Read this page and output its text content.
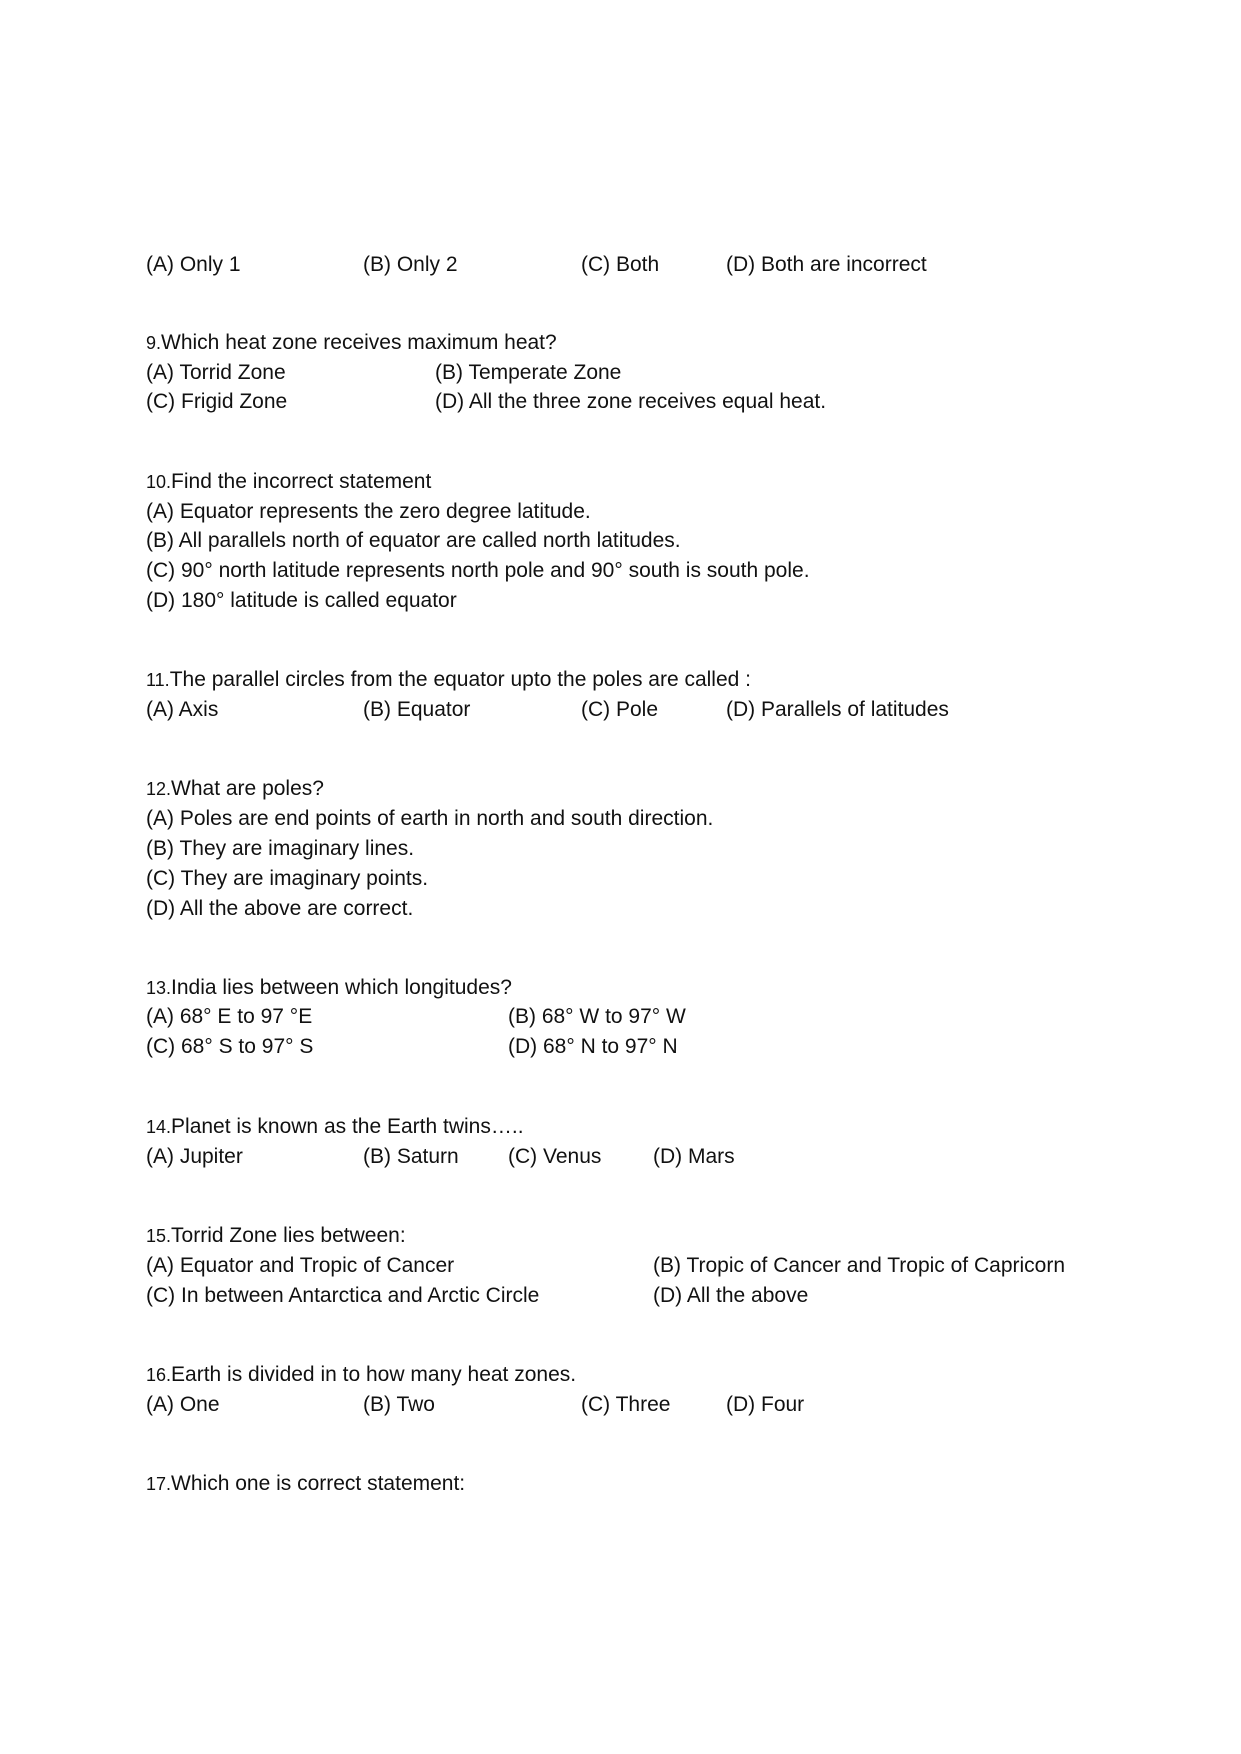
(A) Only 1	(B) Only 2	(C) Both	(D) Both are incorrect
9.Which heat zone receives maximum heat?
(A) Torrid Zone	(B) Temperate Zone
(C) Frigid Zone	(D) All the three zone receives equal heat.
10.Find the incorrect statement
(A) Equator represents the zero degree latitude.
(B) All parallels north of equator are called north latitudes.
(C) 90° north latitude represents north pole and 90° south is south pole.
(D) 180° latitude is called equator
11.The parallel circles from the equator upto the poles are called :
(A) Axis	(B) Equator	(C) Pole	(D) Parallels of latitudes
12.What are poles?
(A) Poles are end points of earth in north and south direction.
(B) They are imaginary lines.
(C) They are imaginary points.
(D) All the above are correct.
13.India lies between which longitudes?
(A) 68° E to 97 °E	(B) 68° W to 97° W
(C) 68° S to 97° S	(D) 68° N to 97° N
14.Planet is known as the Earth twins…..
(A) Jupiter	(B) Saturn (C) Venus (D) Mars
15.Torrid Zone lies between:
(A) Equator and Tropic of Cancer	(B) Tropic of Cancer and Tropic of Capricorn
(C) In between Antarctica and Arctic Circle	(D) All the above
16.Earth is divided in to how many heat zones.
(A) One	(B) Two	(C) Three	(D) Four
17.Which one is correct statement:
